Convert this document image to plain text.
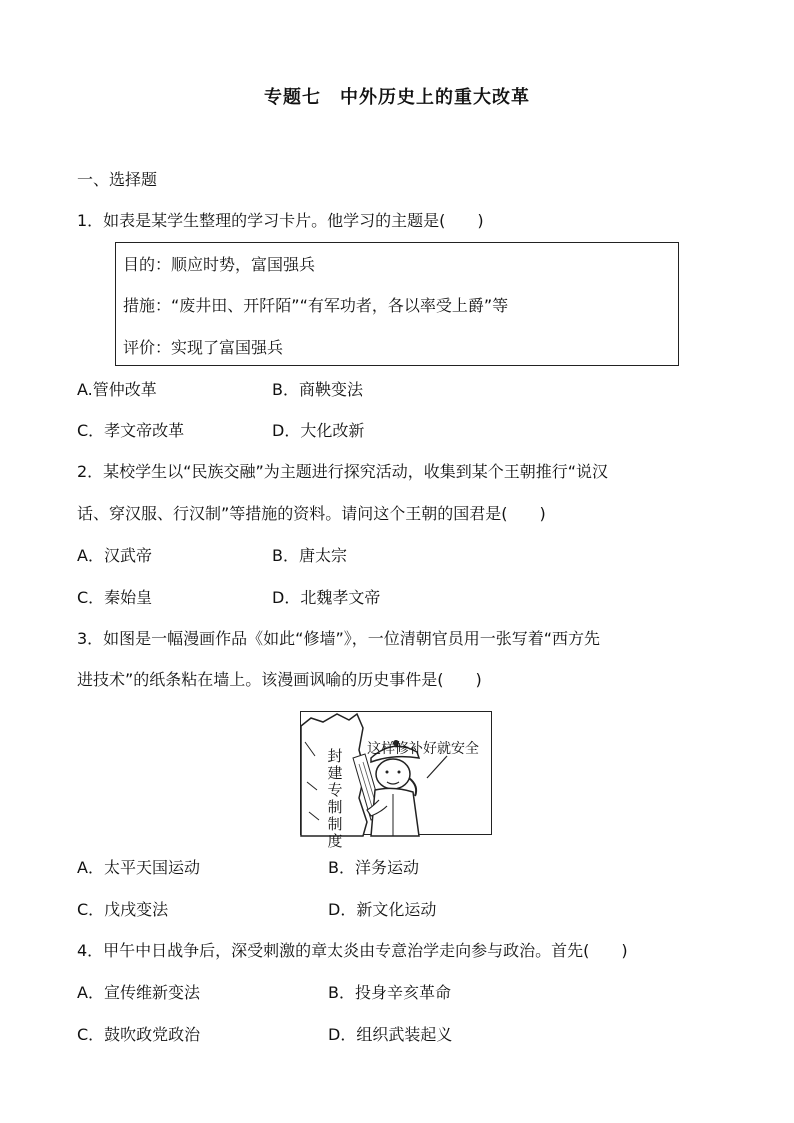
专题七　中外历史上的重大改革
一、选择题
1．如表是某学生整理的学习卡片。他学习的主题是(　　)
目的：顺应时势，富国强兵
措施：“废井田、开阡陌”“有军功者，各以率受上爵”等
评价：实现了富国强兵
A.管仲改革	B．商鞅变法
C．孝文帝改革	D．大化改新
2．某校学生以“民族交融”为主题进行探究活动，收集到某个王朝推行“说汉
话、穿汉服、行汉制”等措施的资料。请问这个王朝的国君是(　　)
A．汉武帝	B．唐太宗
C．秦始皇	D．北魏孝文帝
3．如图是一幅漫画作品《如此“修墙”》，一位清朝官员用一张写着“西方先
进技术”的纸条粘在墙上。该漫画讽喻的历史事件是(　　)
封建专制制度
这样修补好就安全
A．太平天国运动	B．洋务运动
C．戊戌变法	D．新文化运动
4．甲午中日战争后，深受刺激的章太炎由专意治学走向参与政治。首先(　　)
A．宣传维新变法	B．投身辛亥革命
C．鼓吹政党政治	D．组织武装起义
